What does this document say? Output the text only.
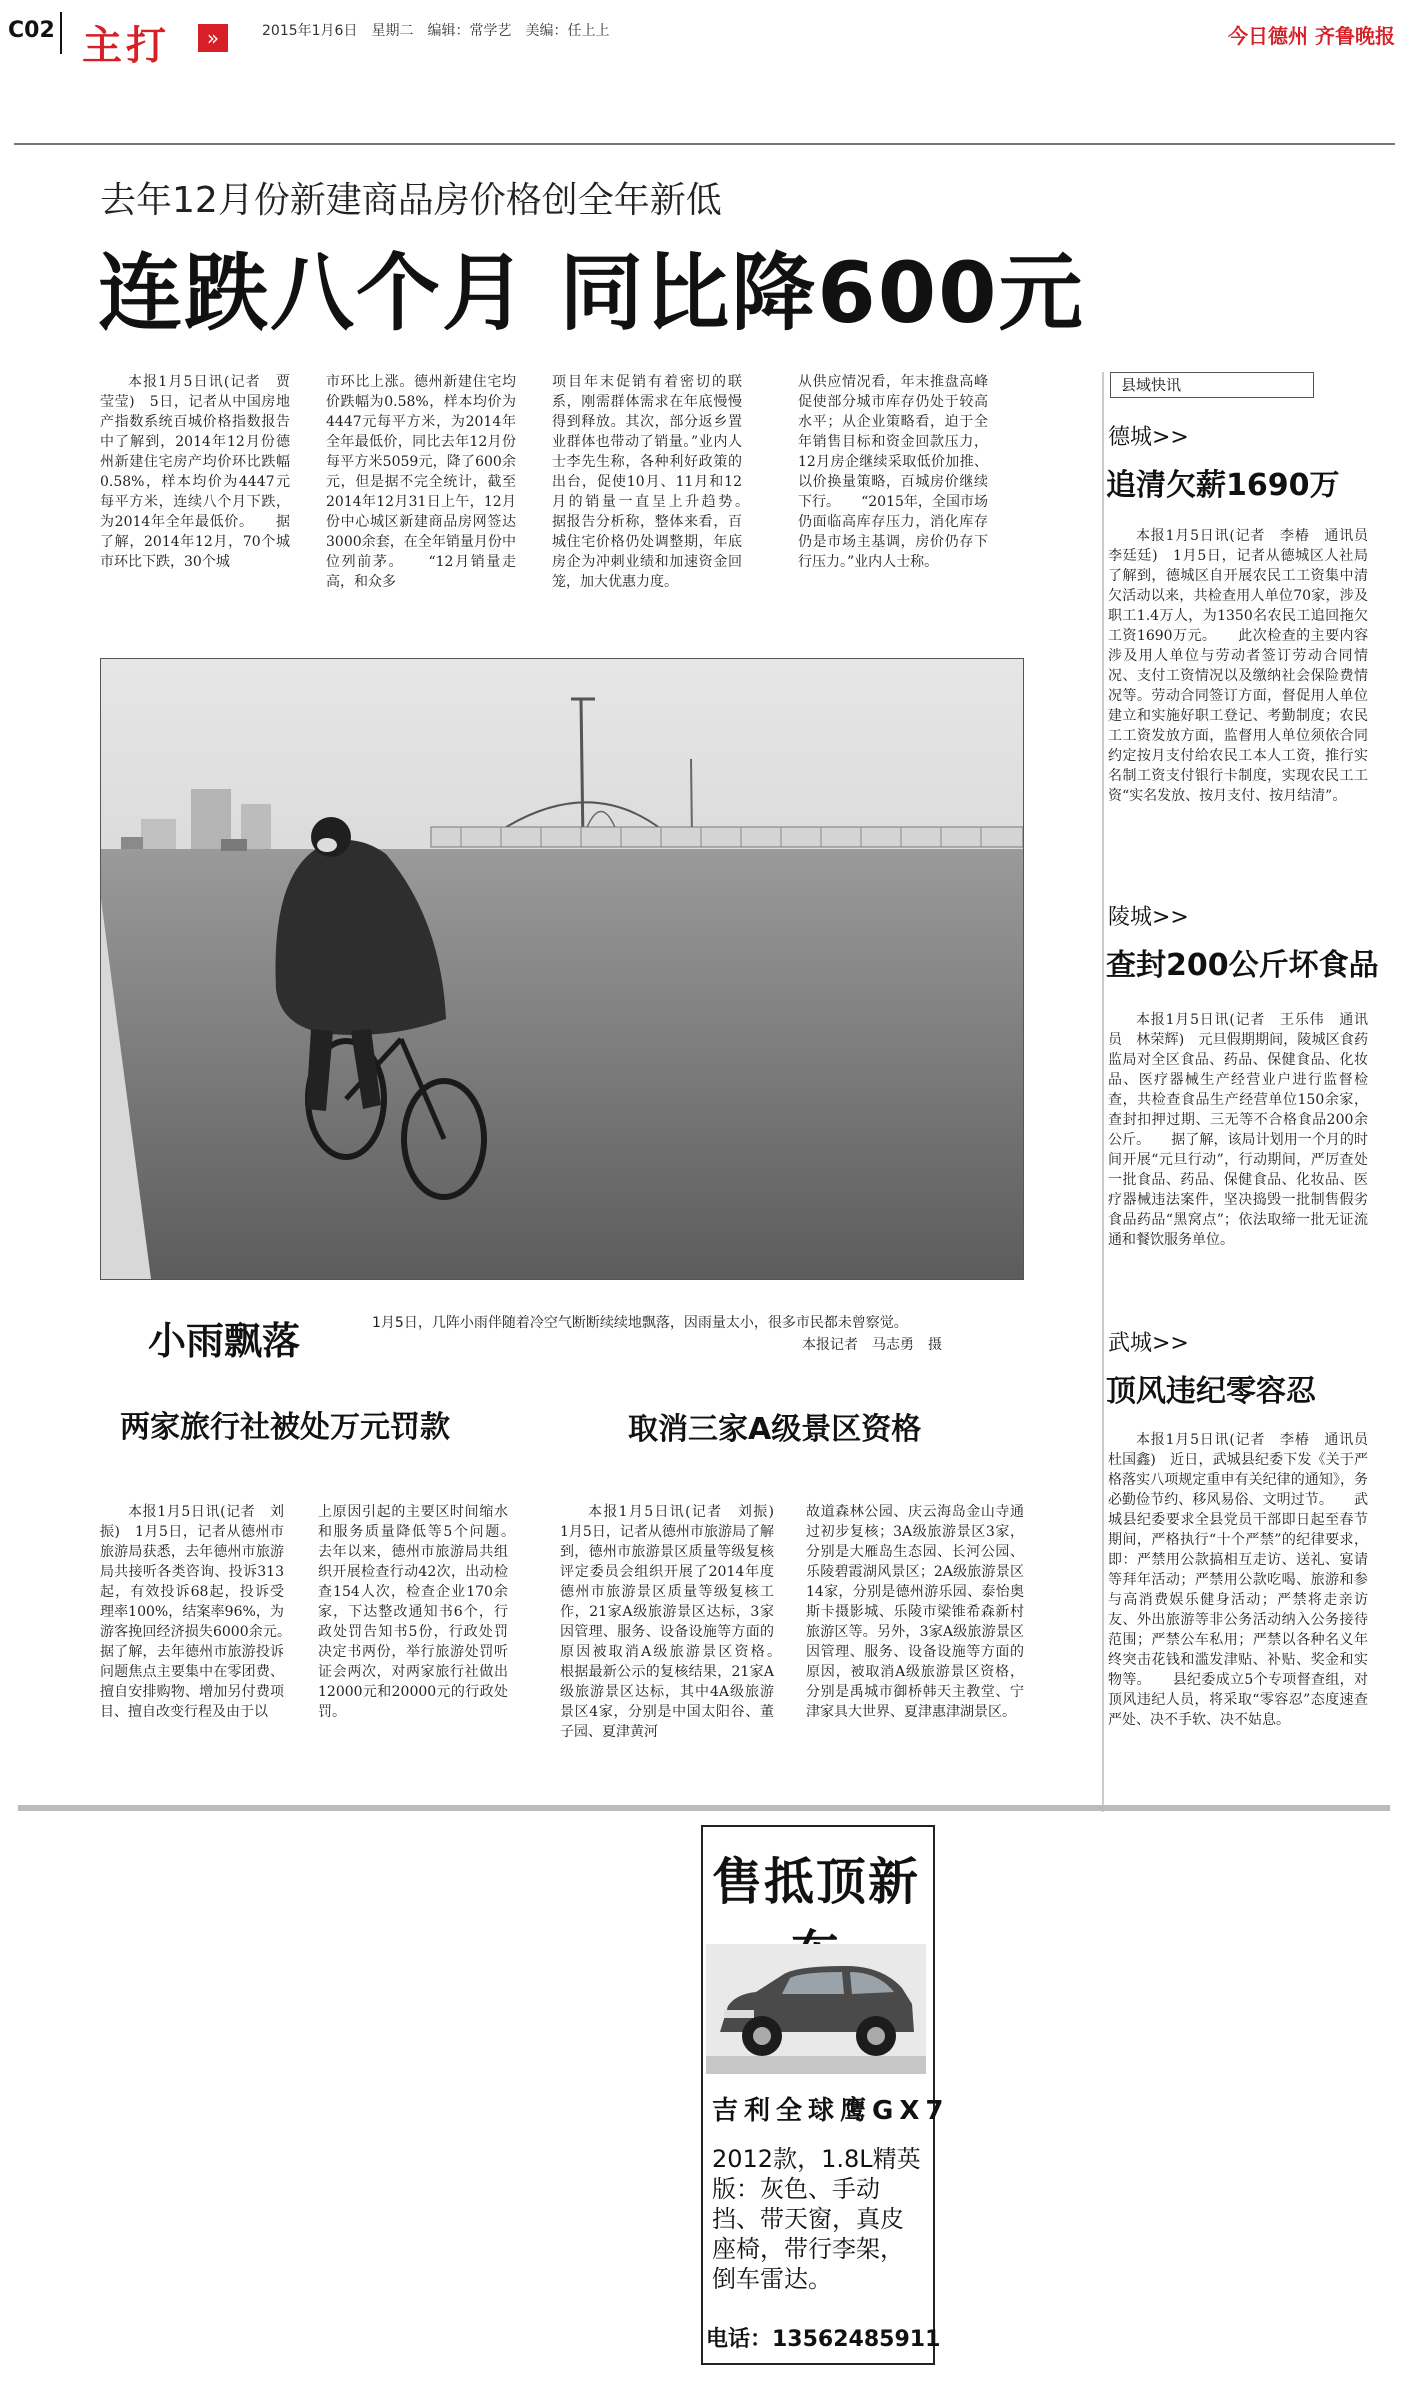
C02 主打	»	2015年1月6日　星期二　编辑：常学艺　美编：任上上	今日德州 齐鲁晚报
去年12月份新建商品房价格创全年新低
连跌八个月 同比降600元

本报1月5日讯(记者　贾莹莹)　5日，记者从中国房地产指数系统百城价格指数报告中了解到，2014年12月份德州新建住宅房产均价环比跌幅0.58%，样本均价为4447元每平方米，连续八个月下跌，为2014年全年最低价。　　据了解，2014年12月，70个城市环比下跌，30个城

市环比上涨。德州新建住宅均价跌幅为0.58%，样本均价为4447元每平方米，为2014年全年最低价，同比去年12月份每平方米5059元，降了600余元，但是据不完全统计，截至2014年12月31日上午，12月份中心城区新建商品房网签达3000余套，在全年销量月份中位列前茅。　　“12月销量走高，和众多

项目年末促销有着密切的联系，刚需群体需求在年底慢慢得到释放。其次，部分返乡置业群体也带动了销量。”业内人士李先生称，各种利好政策的出台，促使10月、11月和12月的销量一直呈上升趋势。　　据报告分析称，整体来看，百城住宅价格仍处调整期，年底房企为冲刺业绩和加速资金回笼，加大优惠力度。

从供应情况看，年末推盘高峰促使部分城市库存仍处于较高水平；从企业策略看，迫于全年销售目标和资金回款压力，12月房企继续采取低价加推、以价换量策略，百城房价继续下行。　　“2015年，全国市场仍面临高库存压力，消化库存仍是市场主基调，房价仍存下行压力。”业内人士称。

小雨飘落	1月5日，几阵小雨伴随着冷空气断断续续地飘落，因雨量太小，很多市民都未曾察觉。
本报记者　马志勇　摄
两家旅行社被处万元罚款

本报1月5日讯(记者　刘振)　1月5日，记者从德州市旅游局获悉，去年德州市旅游局共接听各类咨询、投诉313起，有效投诉68起，投诉受理率100%，结案率96%，为游客挽回经济损失6000余元。　　据了解，去年德州市旅游投诉问题焦点主要集中在零团费、擅自安排购物、增加另付费项目、擅自改变行程及由于以

上原因引起的主要区时间缩水和服务质量降低等5个问题。　　去年以来，德州市旅游局共组织开展检查行动42次，出动检查154人次，检查企业170余家，下达整改通知书6个，行政处罚告知书5份，行政处罚决定书两份，举行旅游处罚听证会两次，对两家旅行社做出12000元和20000元的行政处罚。

取消三家A级景区资格

本报1月5日讯(记者　刘振)　1月5日，记者从德州市旅游局了解到，德州市旅游景区质量等级复核评定委员会组织开展了2014年度德州市旅游景区质量等级复核工作，21家A级旅游景区达标，3家因管理、服务、设备设施等方面的原因被取消A级旅游景区资格。　　根据最新公示的复核结果，21家A级旅游景区达标，其中4A级旅游景区4家，分别是中国太阳谷、董子园、夏津黄河

故道森林公园、庆云海岛金山寺通过初步复核；3A级旅游景区3家，分别是大雁岛生态园、长河公园、乐陵碧霞湖风景区；2A级旅游景区14家，分别是德州游乐园、泰怡奥斯卡摄影城、乐陵市梁锥希森新村旅游区等。另外，3家A级旅游景区因管理、服务、设备设施等方面的原因，被取消A级旅游景区资格，分别是禹城市御桥韩天主教堂、宁津家具大世界、夏津惠津湖景区。

县域快讯
德城>>
追清欠薪1690万

本报1月5日讯(记者　李椿　通讯员　李廷廷)　1月5日，记者从德城区人社局了解到，德城区自开展农民工工资集中清欠活动以来，共检查用人单位70家，涉及职工1.4万人，为1350名农民工追回拖欠工资1690万元。　　此次检查的主要内容涉及用人单位与劳动者签订劳动合同情况、支付工资情况以及缴纳社会保险费情况等。劳动合同签订方面，督促用人单位建立和实施好职工登记、考勤制度；农民工工资发放方面，监督用人单位须依合同约定按月支付给农民工本人工资，推行实名制工资支付银行卡制度，实现农民工工资“实名发放、按月支付、按月结清”。

陵城>>
查封200公斤坏食品

本报1月5日讯(记者　王乐伟　通讯员　林荣辉)　元旦假期期间，陵城区食药监局对全区食品、药品、保健食品、化妆品、医疗器械生产经营业户进行监督检查，共检查食品生产经营单位150余家，查封扣押过期、三无等不合格食品200余公斤。　　据了解，该局计划用一个月的时间开展“元旦行动”，行动期间，严厉查处一批食品、药品、保健食品、化妆品、医疗器械违法案件，坚决捣毁一批制售假劣食品药品“黑窝点”；依法取缔一批无证流通和餐饮服务单位。

武城>>
顶风违纪零容忍

本报1月5日讯(记者　李椿　通讯员　杜国鑫)　近日，武城县纪委下发《关于严格落实八项规定重申有关纪律的通知》，务必勤俭节约、移风易俗、文明过节。　　武城县纪委要求全县党员干部即日起至春节期间，严格执行“十个严禁”的纪律要求，即：严禁用公款搞相互走访、送礼、宴请等拜年活动；严禁用公款吃喝、旅游和参与高消费娱乐健身活动；严禁将走亲访友、外出旅游等非公务活动纳入公务接待范围；严禁公车私用；严禁以各种名义年终突击花钱和滥发津贴、补贴、奖金和实物等。　　县纪委成立5个专项督查组，对顶风违纪人员，将采取“零容忍”态度速查严处、决不手软、决不姑息。

售抵顶新
吉利全球鹰GX7
2012款，1.8L精英版：灰色、手动挡、带天窗，真皮座椅，带行李架，倒车雷达。
电话：13562485911
